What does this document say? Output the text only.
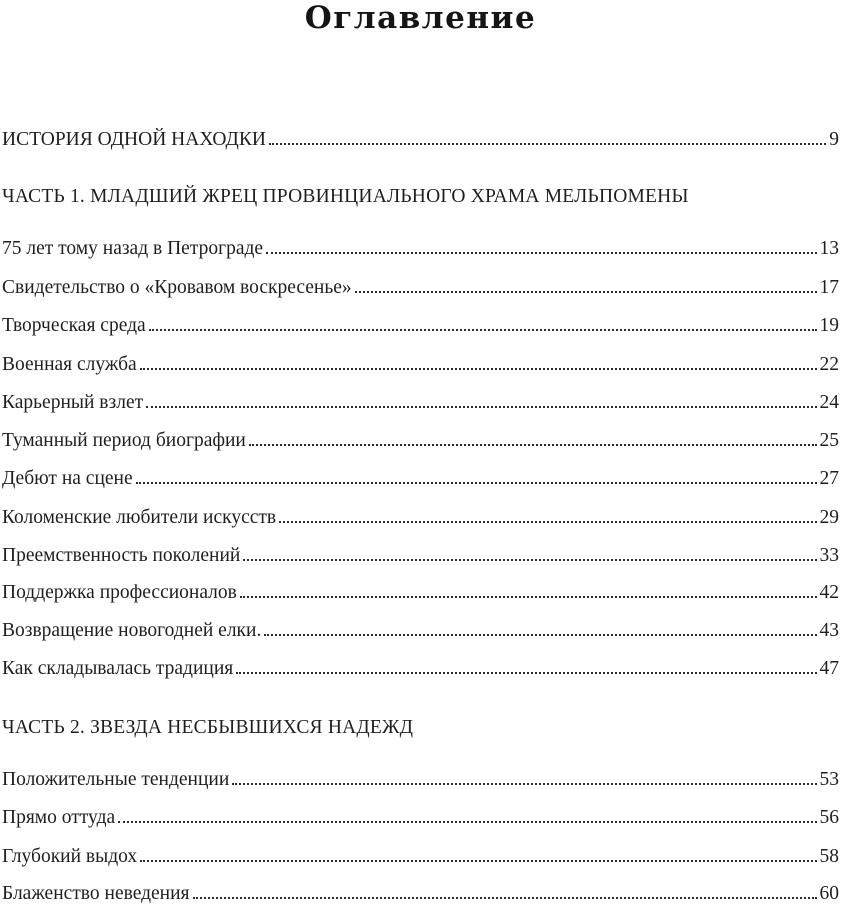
Оглавление
ИСТОРИЯ ОДНОЙ НАХОДКИ	9
ЧАСТЬ 1. МЛАДШИЙ ЖРЕЦ ПРОВИНЦИАЛЬНОГО ХРАМА МЕЛЬПОМЕНЫ
75 лет тому назад в Петрограде	13
Свидетельство о «Кровавом воскресенье»	17
Творческая среда	19
Военная служба	22
Карьерный взлет	24
Туманный период биографии	25
Дебют на сцене	27
Коломенские любители искусств	29
Преемственность поколений	33
Поддержка профессионалов	42
Возвращение новогодней елки.	43
Как складывалась традиция	47
ЧАСТЬ 2. ЗВЕЗДА НЕСБЫВШИХСЯ НАДЕЖД
Положительные тенденции	53
Прямо оттуда	56
Глубокий выдох	58
Блаженство неведения	60
